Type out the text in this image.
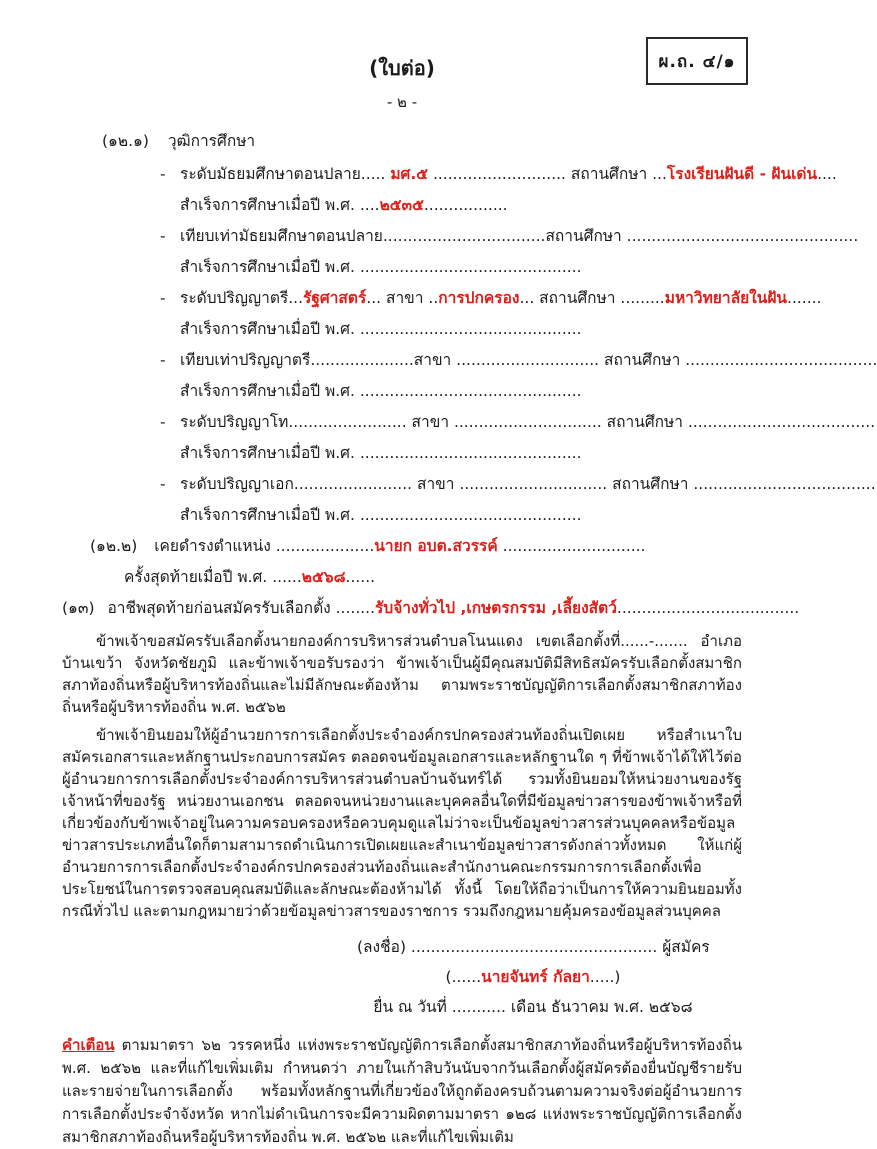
ผ.ถ. ๔/๑
(ใบต่อ)
- ๒ -
(๑๒.๑) วุฒิการศึกษา
- ระดับมัธยมศึกษาตอนปลาย..... มศ.๕ ........................... สถานศึกษา ...โรงเรียนฝันดี - ฝันเด่น....
สำเร็จการศึกษาเมื่อปี พ.ศ. ....๒๕๓๕.................
- เทียบเท่ามัธยมศึกษาตอนปลาย.................................สถานศึกษา ...............................................
สำเร็จการศึกษาเมื่อปี พ.ศ. .............................................
- ระดับปริญญาตรี...รัฐศาสตร์... สาขา ..การปกครอง... สถานศึกษา .........มหาวิทยาลัยในฝัน.......
สำเร็จการศึกษาเมื่อปี พ.ศ. .............................................
- เทียบเท่าปริญญาตรี.....................สาขา ............................. สถานศึกษา .......................................
สำเร็จการศึกษาเมื่อปี พ.ศ. .............................................
- ระดับปริญญาโท........................ สาขา .............................. สถานศึกษา ......................................
สำเร็จการศึกษาเมื่อปี พ.ศ. .............................................
- ระดับปริญญาเอก........................ สาขา .............................. สถานศึกษา .....................................
สำเร็จการศึกษาเมื่อปี พ.ศ. .............................................
(๑๒.๒) เคยดำรงตำแหน่ง ....................นายก อบต.สวรรค์ .............................
ครั้งสุดท้ายเมื่อปี พ.ศ. ......๒๕๖๘......
(๑๓) อาชีพสุดท้ายก่อนสมัครรับเลือกตั้ง ........รับจ้างทั่วไป ,เกษตรกรรม ,เลี้ยงสัตว์.....................................

ข้าพเจ้าขอสมัครรับเลือกตั้งนายกองค์การบริหารส่วนตำบลโนนแดง เขตเลือกตั้งที่......-....... อำเภอบ้านเขว้า จังหวัดชัยภูมิ และข้าพเจ้าขอรับรองว่า ข้าพเจ้าเป็นผู้มีคุณสมบัติมีสิทธิสมัครรับเลือกตั้งสมาชิกสภาท้องถิ่นหรือผู้บริหารท้องถิ่นและไม่มีลักษณะต้องห้าม ตามพระราชบัญญัติการเลือกตั้งสมาชิกสภาท้องถิ่นหรือผู้บริหารท้องถิ่น พ.ศ. ๒๕๖๒

ข้าพเจ้ายินยอมให้ผู้อำนวยการการเลือกตั้งประจำองค์กรปกครองส่วนท้องถิ่นเปิดเผย หรือสำเนาใบสมัครเอกสารและหลักฐานประกอบการสมัคร ตลอดจนข้อมูลเอกสารและหลักฐานใด ๆ ที่ข้าพเจ้าได้ให้ไว้ต่อผู้อำนวยการการเลือกตั้งประจำองค์การบริหารส่วนตำบลบ้านจันทร์ได้ รวมทั้งยินยอมให้หน่วยงานของรัฐ เจ้าหน้าที่ของรัฐ หน่วยงานเอกชน ตลอดจนหน่วยงานและบุคคลอื่นใดที่มีข้อมูลข่าวสารของข้าพเจ้าหรือที่เกี่ยวข้องกับข้าพเจ้าอยู่ในความครอบครองหรือควบคุมดูแลไม่ว่าจะเป็นข้อมูลข่าวสารส่วนบุคคลหรือข้อมูลข่าวสารประเภทอื่นใดก็ตามสามารถดำเนินการเปิดเผยและสำเนาข้อมูลข่าวสารดังกล่าวทั้งหมด ให้แก่ผู้อำนวยการการเลือกตั้งประจำองค์กรปกครองส่วนท้องถิ่นและสำนักงานคณะกรรมการการเลือกตั้งเพื่อประโยชน์ในการตรวจสอบคุณสมบัติและลักษณะต้องห้ามได้ ทั้งนี้ โดยให้ถือว่าเป็นการให้ความยินยอมทั้งกรณีทั่วไป และตามกฎหมายว่าด้วยข้อมูลข่าวสารของราชการ รวมถึงกฎหมายคุ้มครองข้อมูลส่วนบุคคล

(ลงชื่อ) .................................................. ผู้สมัคร
(......นายจันทร์ กัลยา.....)
ยื่น ณ วันที่ ........... เดือน ธันวาคม พ.ศ. ๒๕๖๘

คำเตือน ตามมาตรา ๖๒ วรรคหนึ่ง แห่งพระราชบัญญัติการเลือกตั้งสมาชิกสภาท้องถิ่นหรือผู้บริหารท้องถิ่น พ.ศ. ๒๕๖๒ และที่แก้ไขเพิ่มเติม กำหนดว่า ภายในเก้าสิบวันนับจากวันเลือกตั้งผู้สมัครต้องยื่นบัญชีรายรับและรายจ่ายในการเลือกตั้ง พร้อมทั้งหลักฐานที่เกี่ยวข้องให้ถูกต้องครบถ้วนตามความจริงต่อผู้อำนวยการการเลือกตั้งประจำจังหวัด หากไม่ดำเนินการจะมีความผิดตามมาตรา ๑๒๘ แห่งพระราชบัญญัติการเลือกตั้งสมาชิกสภาท้องถิ่นหรือผู้บริหารท้องถิ่น พ.ศ. ๒๕๖๒ และที่แก้ไขเพิ่มเติม
